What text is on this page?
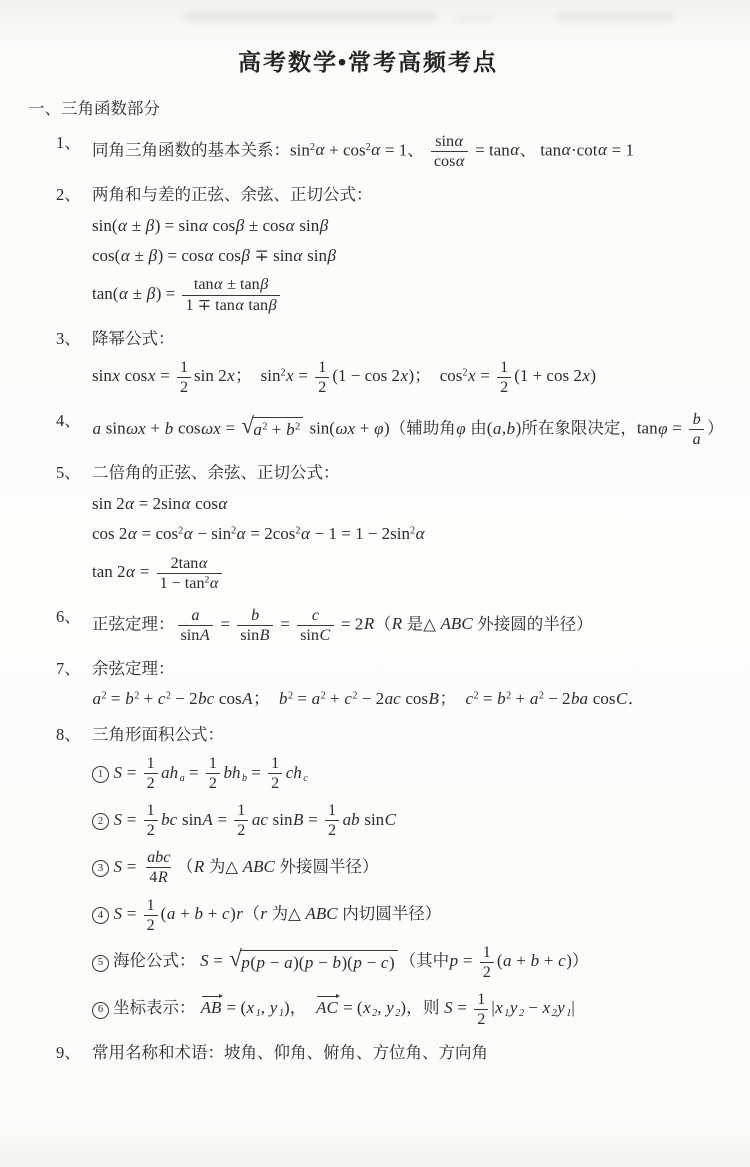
高考数学•常考高频考点
一、三角函数部分
1、 同角三角函数的基本关系：$\sin^2\alpha + \cos^2\alpha = 1$、 $\frac{\sin\alpha}{\cos\alpha} = \tan\alpha$、 tanα·cotα = 1
2、 两角和与差的正弦、余弦、正切公式：
sin(α ± β) = sinα cosβ ± cosα sinβ
cos(α ± β) = cosα cosβ ∓ sinα sinβ
$\tan(\alpha \pm \beta) = \frac{\tan\alpha \pm \tan\beta}{\text{1 ∓ tanα tanβ}}$
3、 降幂公式：
sinx $\cos x = \frac{1}{2}$ sin 2x；  $\sin^2x = \frac{1}{2} (1 - \cos 2x)$；  $\cos^2x = \frac{1}{2} (1 + \cos 2x)$
4、 a sinωx + b cosωx = √ $a^2 + b^2$ sin(ωx + φ)（辅助角φ 由(a,b)所在象限决定，$\tan\varphi = \frac{b}{a}$ ）
5、 二倍角的正弦、余弦、正切公式：
sin 2α = 2sinα cosα
$\cos 2\alpha = \cos^2\alpha - \sin^2\alpha = 2\cos^2\alpha - 1 = 1 - 2\sin^2\alpha$
$\tan 2\alpha = \frac{2\tan\alpha}{1 - \tan^2\alpha}$
6、 正弦定理： $\frac{a}{\sin A} = \frac{b}{\sin B} = \frac{c}{\sin C} = 2R(R$ 是△ ABC 外接圆的半径）
7、 余弦定理：
$a^2 = b^2 + c^2 - 2bc$ cosA；  $b^2 = a^2 + c^2 - 2ac$ cosB；  $c^2 = b^2 + a^2 - 2ba$ cosC．
8、 三角形面积公式：
1 $S = \frac{1}{2}$ ah $a = \frac{1}{2}$ bh $b = \frac{1}{2}$ ch c
2 $S = \frac{1}{2}$ bc $\sin A = \frac{1}{2}$ ac $\sin B = \frac{1}{2}$ ab sinC
3 $S = \frac{\text{abc}}{4R} (R$ 为△ ABC 外接圆半径）
4 $S = \frac{1}{2} (a + b + c)r(r$ 为△ ABC 内切圆半径）
5 海伦公式： S = √ p(p − a)(p − b)(p − c) （其中$p = \frac{1}{2} (a + b + c)$）
6 坐标表示： AB = (x 1, y 1)，  AC = (x 2, y 2)，则 $S = \frac{1}{2} |x$ 1y 2 − x 2y 1|
9、 常用名称和术语：坡角、仰角、俯角、方位角、方向角
